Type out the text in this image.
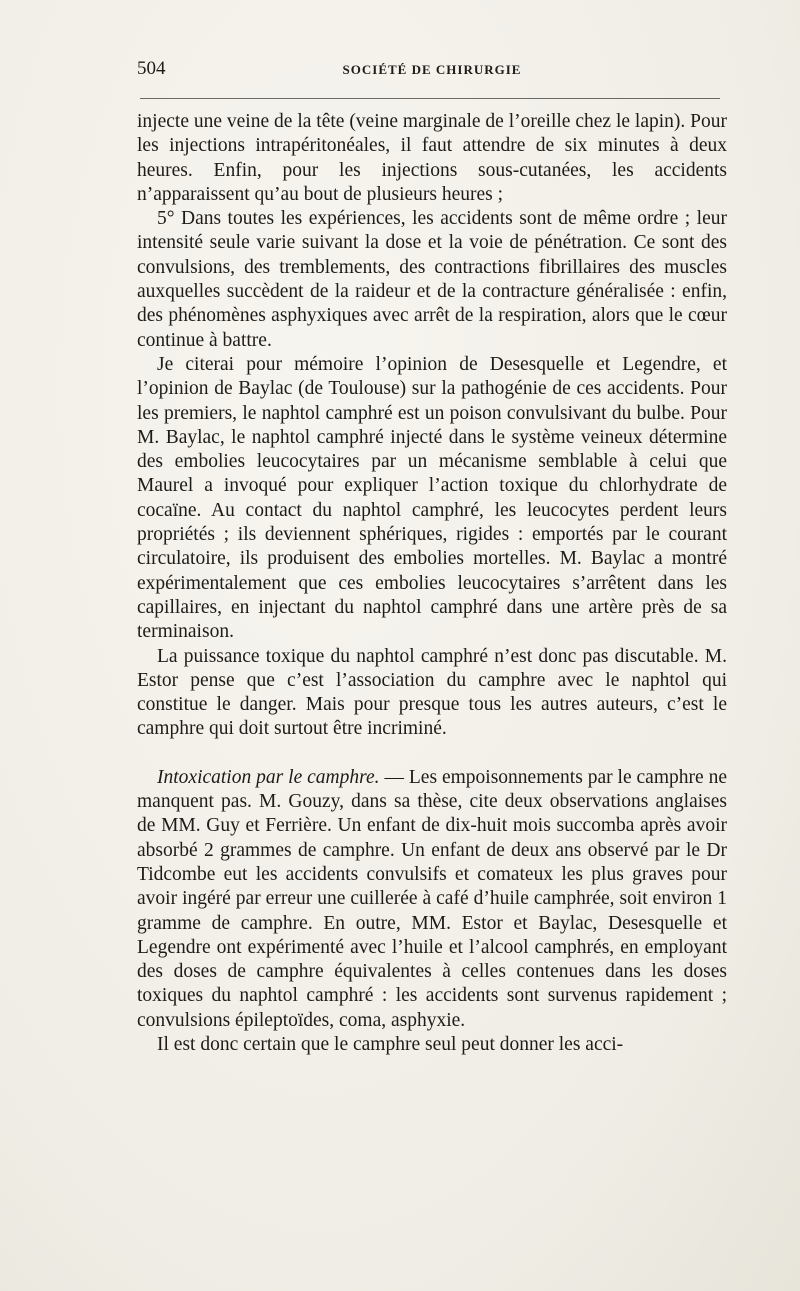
504	SOCIÉTÉ DE CHIRURGIE

injecte une veine de la tête (veine marginale de l’oreille chez le lapin). Pour les injections intrapéritonéales, il faut attendre de six minutes à deux heures. Enfin, pour les injections sous-cutanées, les accidents n’apparaissent qu’au bout de plusieurs heures ;

5° Dans toutes les expériences, les accidents sont de même ordre ; leur intensité seule varie suivant la dose et la voie de pénétration. Ce sont des convulsions, des tremblements, des contractions fibrillaires des muscles auxquelles succèdent de la raideur et de la contracture généralisée : enfin, des phénomènes asphyxiques avec arrêt de la respiration, alors que le cœur continue à battre.

Je citerai pour mémoire l’opinion de Desesquelle et Legendre, et l’opinion de Baylac (de Toulouse) sur la pathogénie de ces accidents. Pour les premiers, le naphtol camphré est un poison convulsivant du bulbe. Pour M. Baylac, le naphtol camphré injecté dans le système veineux détermine des embolies leucocytaires par un mécanisme semblable à celui que Maurel a invoqué pour expliquer l’action toxique du chlorhydrate de cocaïne. Au contact du naphtol camphré, les leucocytes perdent leurs propriétés ; ils deviennent sphériques, rigides : emportés par le courant circulatoire, ils produisent des embolies mortelles. M. Baylac a montré expérimentalement que ces embolies leucocytaires s’arrêtent dans les capillaires, en injectant du naphtol camphré dans une artère près de sa terminaison.

La puissance toxique du naphtol camphré n’est donc pas discutable. M. Estor pense que c’est l’association du camphre avec le naphtol qui constitue le danger. Mais pour presque tous les autres auteurs, c’est le camphre qui doit surtout être incriminé.

Intoxication par le camphre. — Les empoisonnements par le camphre ne manquent pas. M. Gouzy, dans sa thèse, cite deux observations anglaises de MM. Guy et Ferrière. Un enfant de dix-huit mois succomba après avoir absorbé 2 grammes de camphre. Un enfant de deux ans observé par le Dr Tidcombe eut les accidents convulsifs et comateux les plus graves pour avoir ingéré par erreur une cuillerée à café d’huile camphrée, soit environ 1 gramme de camphre. En outre, MM. Estor et Baylac, Desesquelle et Legendre ont expérimenté avec l’huile et l’alcool camphrés, en employant des doses de camphre équivalentes à celles contenues dans les doses toxiques du naphtol camphré : les accidents sont survenus rapidement ; convulsions épileptoïdes, coma, asphyxie.

Il est donc certain que le camphre seul peut donner les acci-
